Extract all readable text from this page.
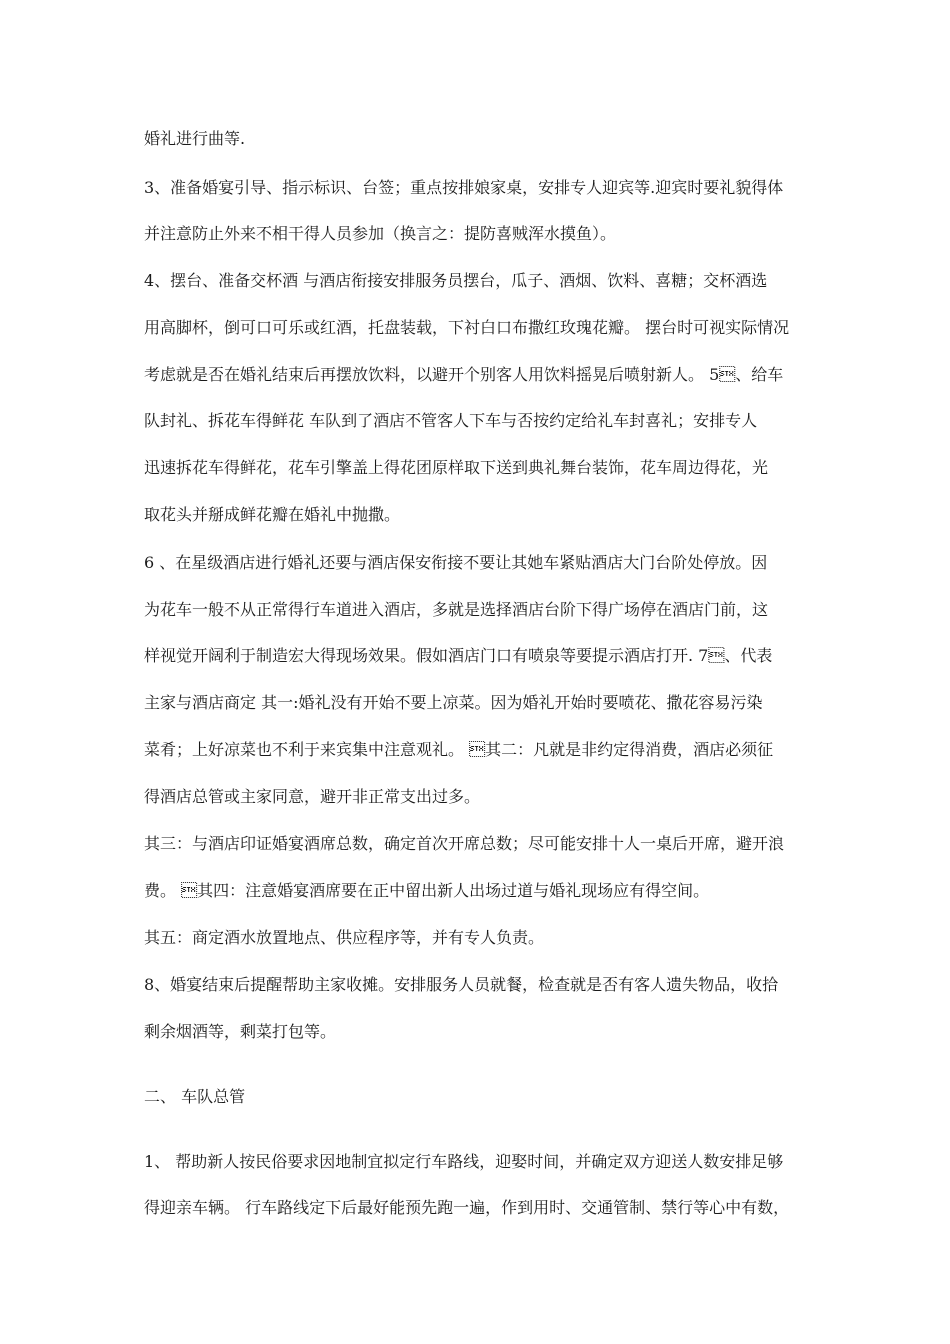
婚礼进行曲等.
3、准备婚宴引导、指示标识、台签；重点按排娘家桌，安排专人迎宾等.迎宾时要礼貌得体
并注意防止外来不相干得人员参加（换言之：提防喜贼浑水摸鱼）。
4、摆台、准备交杯酒 与酒店衔接安排服务员摆台，瓜子、酒烟、饮料、喜糖；交杯酒选
用高脚杯，倒可口可乐或红酒，托盘装载，下衬白口布撒红玫瑰花瓣。 摆台时可视实际情况
考虑就是否在婚礼结束后再摆放饮料，以避开个别客人用饮料摇晃后喷射新人。 5、给车
队封礼、拆花车得鲜花 车队到了酒店不管客人下车与否按约定给礼车封喜礼；安排专人
迅速拆花车得鲜花，花车引擎盖上得花团原样取下送到典礼舞台装饰，花车周边得花，光
取花头并掰成鲜花瓣在婚礼中抛撒。
6 、在星级酒店进行婚礼还要与酒店保安衔接不要让其她车紧贴酒店大门台阶处停放。因
为花车一般不从正常得行车道进入酒店，多就是选择酒店台阶下得广场停在酒店门前，这
样视觉开阔利于制造宏大得现场效果。假如酒店门口有喷泉等要提示酒店打开. 7、代表
主家与酒店商定 其一:婚礼没有开始不要上凉菜。因为婚礼开始时要喷花、撒花容易污染
菜肴；上好凉菜也不利于来宾集中注意观礼。 其二：凡就是非约定得消费，酒店必须征
得酒店总管或主家同意，避开非正常支出过多。
其三：与酒店印证婚宴酒席总数，确定首次开席总数；尽可能安排十人一桌后开席，避开浪
费。 其四：注意婚宴酒席要在正中留出新人出场过道与婚礼现场应有得空间。
其五：商定酒水放置地点、供应程序等，并有专人负责。
8、婚宴结束后提醒帮助主家收摊。安排服务人员就餐，检查就是否有客人遗失物品，收拾
剩余烟酒等，剩菜打包等。
二、 车队总管
1、 帮助新人按民俗要求因地制宜拟定行车路线，迎娶时间，并确定双方迎送人数安排足够
得迎亲车辆。 行车路线定下后最好能预先跑一遍，作到用时、交通管制、禁行等心中有数，
